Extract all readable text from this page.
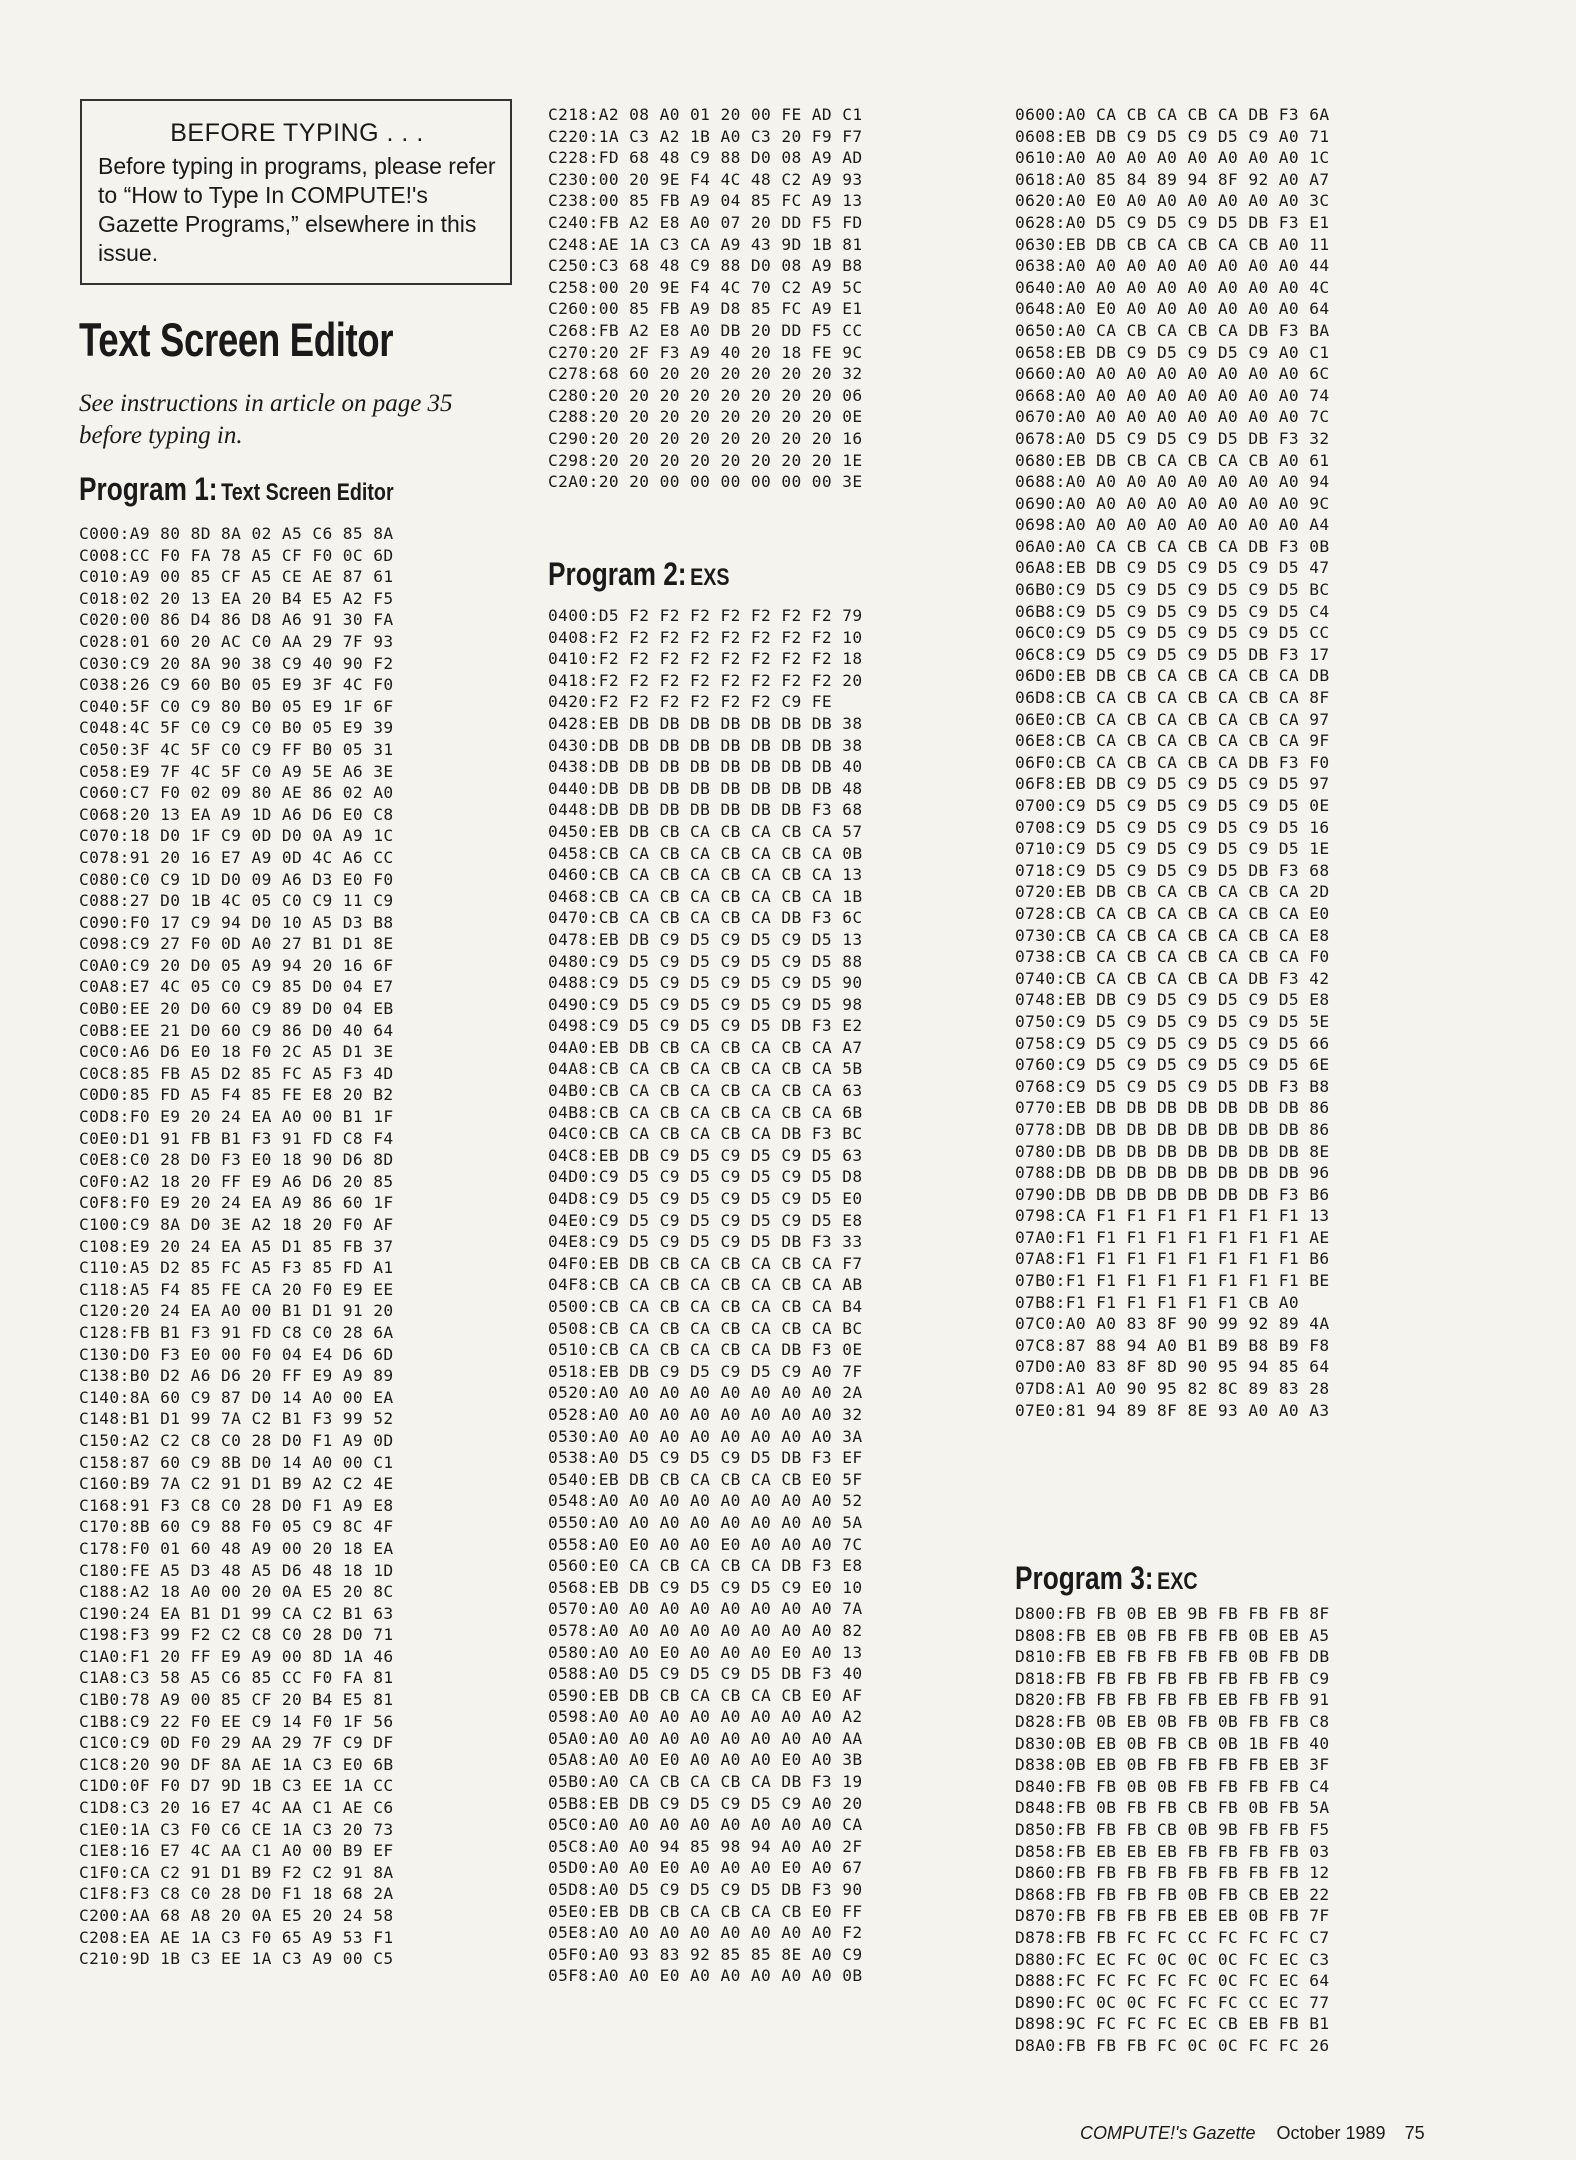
BEFORE TYPING . . .
Before typing in programs, please refer to “How to Type In COMPUTE!'s Gazette Programs,” elsewhere in this issue.
Text Screen Editor
See instructions in article on page 35 before typing in.
Program 1: Text Screen Editor
C000:A9 80 8D 8A 02 A5 C6 85 8A
C008:CC F0 FA 78 A5 CF F0 0C 6D
C010:A9 00 85 CF A5 CE AE 87 61
C018:02 20 13 EA 20 B4 E5 A2 F5
C020:00 86 D4 86 D8 A6 91 30 FA
C028:01 60 20 AC C0 AA 29 7F 93
C030:C9 20 8A 90 38 C9 40 90 F2
C038:26 C9 60 B0 05 E9 3F 4C F0
C040:5F C0 C9 80 B0 05 E9 1F 6F
C048:4C 5F C0 C9 C0 B0 05 E9 39
C050:3F 4C 5F C0 C9 FF B0 05 31
C058:E9 7F 4C 5F C0 A9 5E A6 3E
C060:C7 F0 02 09 80 AE 86 02 A0
C068:20 13 EA A9 1D A6 D6 E0 C8
C070:18 D0 1F C9 0D D0 0A A9 1C
C078:91 20 16 E7 A9 0D 4C A6 CC
C080:C0 C9 1D D0 09 A6 D3 E0 F0
C088:27 D0 1B 4C 05 C0 C9 11 C9
C090:F0 17 C9 94 D0 10 A5 D3 B8
C098:C9 27 F0 0D A0 27 B1 D1 8E
C0A0:C9 20 D0 05 A9 94 20 16 6F
C0A8:E7 4C 05 C0 C9 85 D0 04 E7
C0B0:EE 20 D0 60 C9 89 D0 04 EB
C0B8:EE 21 D0 60 C9 86 D0 40 64
C0C0:A6 D6 E0 18 F0 2C A5 D1 3E
C0C8:85 FB A5 D2 85 FC A5 F3 4D
C0D0:85 FD A5 F4 85 FE E8 20 B2
C0D8:F0 E9 20 24 EA A0 00 B1 1F
C0E0:D1 91 FB B1 F3 91 FD C8 F4
C0E8:C0 28 D0 F3 E0 18 90 D6 8D
C0F0:A2 18 20 FF E9 A6 D6 20 85
C0F8:F0 E9 20 24 EA A9 86 60 1F
C100:C9 8A D0 3E A2 18 20 F0 AF
C108:E9 20 24 EA A5 D1 85 FB 37
C110:A5 D2 85 FC A5 F3 85 FD A1
C118:A5 F4 85 FE CA 20 F0 E9 EE
C120:20 24 EA A0 00 B1 D1 91 20
C128:FB B1 F3 91 FD C8 C0 28 6A
C130:D0 F3 E0 00 F0 04 E4 D6 6D
C138:B0 D2 A6 D6 20 FF E9 A9 89
C140:8A 60 C9 87 D0 14 A0 00 EA
C148:B1 D1 99 7A C2 B1 F3 99 52
C150:A2 C2 C8 C0 28 D0 F1 A9 0D
C158:87 60 C9 8B D0 14 A0 00 C1
C160:B9 7A C2 91 D1 B9 A2 C2 4E
C168:91 F3 C8 C0 28 D0 F1 A9 E8
C170:8B 60 C9 88 F0 05 C9 8C 4F
C178:F0 01 60 48 A9 00 20 18 EA
C180:FE A5 D3 48 A5 D6 48 18 1D
C188:A2 18 A0 00 20 0A E5 20 8C
C190:24 EA B1 D1 99 CA C2 B1 63
C198:F3 99 F2 C2 C8 C0 28 D0 71
C1A0:F1 20 FF E9 A9 00 8D 1A 46
C1A8:C3 58 A5 C6 85 CC F0 FA 81
C1B0:78 A9 00 85 CF 20 B4 E5 81
C1B8:C9 22 F0 EE C9 14 F0 1F 56
C1C0:C9 0D F0 29 AA 29 7F C9 DF
C1C8:20 90 DF 8A AE 1A C3 E0 6B
C1D0:0F F0 D7 9D 1B C3 EE 1A CC
C1D8:C3 20 16 E7 4C AA C1 AE C6
C1E0:1A C3 F0 C6 CE 1A C3 20 73
C1E8:16 E7 4C AA C1 A0 00 B9 EF
C1F0:CA C2 91 D1 B9 F2 C2 91 8A
C1F8:F3 C8 C0 28 D0 F1 18 68 2A
C200:AA 68 A8 20 0A E5 20 24 58
C208:EA AE 1A C3 F0 65 A9 53 F1
C210:9D 1B C3 EE 1A C3 A9 00 C5
C218:A2 08 A0 01 20 00 FE AD C1
C220:1A C3 A2 1B A0 C3 20 F9 F7
C228:FD 68 48 C9 88 D0 08 A9 AD
C230:00 20 9E F4 4C 48 C2 A9 93
C238:00 85 FB A9 04 85 FC A9 13
C240:FB A2 E8 A0 07 20 DD F5 FD
C248:AE 1A C3 CA A9 43 9D 1B 81
C250:C3 68 48 C9 88 D0 08 A9 B8
C258:00 20 9E F4 4C 70 C2 A9 5C
C260:00 85 FB A9 D8 85 FC A9 E1
C268:FB A2 E8 A0 DB 20 DD F5 CC
C270:20 2F F3 A9 40 20 18 FE 9C
C278:68 60 20 20 20 20 20 20 32
C280:20 20 20 20 20 20 20 20 06
C288:20 20 20 20 20 20 20 20 0E
C290:20 20 20 20 20 20 20 20 16
C298:20 20 20 20 20 20 20 20 1E
C2A0:20 20 00 00 00 00 00 00 3E
Program 2: EXS
0400:D5 F2 F2 F2 F2 F2 F2 F2 79
0408:F2 F2 F2 F2 F2 F2 F2 F2 10
0410:F2 F2 F2 F2 F2 F2 F2 F2 18
0418:F2 F2 F2 F2 F2 F2 F2 F2 20
0420:F2 F2 F2 F2 F2 F2 C9 FE
0428:EB DB DB DB DB DB DB DB 38
0430:DB DB DB DB DB DB DB DB 38
0438:DB DB DB DB DB DB DB DB 40
0440:DB DB DB DB DB DB DB DB 48
0448:DB DB DB DB DB DB DB F3 68
0450:EB DB CB CA CB CA CB CA 57
0458:CB CA CB CA CB CA CB CA 0B
0460:CB CA CB CA CB CA CB CA 13
0468:CB CA CB CA CB CA CB CA 1B
0470:CB CA CB CA CB CA DB F3 6C
0478:EB DB C9 D5 C9 D5 C9 D5 13
0480:C9 D5 C9 D5 C9 D5 C9 D5 88
0488:C9 D5 C9 D5 C9 D5 C9 D5 90
0490:C9 D5 C9 D5 C9 D5 C9 D5 98
0498:C9 D5 C9 D5 C9 D5 DB F3 E2
04A0:EB DB CB CA CB CA CB CA A7
04A8:CB CA CB CA CB CA CB CA 5B
04B0:CB CA CB CA CB CA CB CA 63
04B8:CB CA CB CA CB CA CB CA 6B
04C0:CB CA CB CA CB CA DB F3 BC
04C8:EB DB C9 D5 C9 D5 C9 D5 63
04D0:C9 D5 C9 D5 C9 D5 C9 D5 D8
04D8:C9 D5 C9 D5 C9 D5 C9 D5 E0
04E0:C9 D5 C9 D5 C9 D5 C9 D5 E8
04E8:C9 D5 C9 D5 C9 D5 DB F3 33
04F0:EB DB CB CA CB CA CB CA F7
04F8:CB CA CB CA CB CA CB CA AB
0500:CB CA CB CA CB CA CB CA B4
0508:CB CA CB CA CB CA CB CA BC
0510:CB CA CB CA CB CA DB F3 0E
0518:EB DB C9 D5 C9 D5 C9 A0 7F
0520:A0 A0 A0 A0 A0 A0 A0 A0 2A
0528:A0 A0 A0 A0 A0 A0 A0 A0 32
0530:A0 A0 A0 A0 A0 A0 A0 A0 3A
0538:A0 D5 C9 D5 C9 D5 DB F3 EF
0540:EB DB CB CA CB CA CB E0 5F
0548:A0 A0 A0 A0 A0 A0 A0 A0 52
0550:A0 A0 A0 A0 A0 A0 A0 A0 5A
0558:A0 E0 A0 A0 E0 A0 A0 A0 7C
0560:E0 CA CB CA CB CA DB F3 E8
0568:EB DB C9 D5 C9 D5 C9 E0 10
0570:A0 A0 A0 A0 A0 A0 A0 A0 7A
0578:A0 A0 A0 A0 A0 A0 A0 A0 82
0580:A0 A0 E0 A0 A0 A0 E0 A0 13
0588:A0 D5 C9 D5 C9 D5 DB F3 40
0590:EB DB CB CA CB CA CB E0 AF
0598:A0 A0 A0 A0 A0 A0 A0 A0 A2
05A0:A0 A0 A0 A0 A0 A0 A0 A0 AA
05A8:A0 A0 E0 A0 A0 A0 E0 A0 3B
05B0:A0 CA CB CA CB CA DB F3 19
05B8:EB DB C9 D5 C9 D5 C9 A0 20
05C0:A0 A0 A0 A0 A0 A0 A0 A0 CA
05C8:A0 A0 94 85 98 94 A0 A0 2F
05D0:A0 A0 E0 A0 A0 A0 E0 A0 67
05D8:A0 D5 C9 D5 C9 D5 DB F3 90
05E0:EB DB CB CA CB CA CB E0 FF
05E8:A0 A0 A0 A0 A0 A0 A0 A0 F2
05F0:A0 93 83 92 85 85 8E A0 C9
05F8:A0 A0 E0 A0 A0 A0 A0 A0 0B
0600:A0 CA CB CA CB CA DB F3 6A
0608:EB DB C9 D5 C9 D5 C9 A0 71
0610:A0 A0 A0 A0 A0 A0 A0 A0 1C
0618:A0 85 84 89 94 8F 92 A0 A7
0620:A0 E0 A0 A0 A0 A0 A0 A0 3C
0628:A0 D5 C9 D5 C9 D5 DB F3 E1
0630:EB DB CB CA CB CA CB A0 11
0638:A0 A0 A0 A0 A0 A0 A0 A0 44
0640:A0 A0 A0 A0 A0 A0 A0 A0 4C
0648:A0 E0 A0 A0 A0 A0 A0 A0 64
0650:A0 CA CB CA CB CA DB F3 BA
0658:EB DB C9 D5 C9 D5 C9 A0 C1
0660:A0 A0 A0 A0 A0 A0 A0 A0 6C
0668:A0 A0 A0 A0 A0 A0 A0 A0 74
0670:A0 A0 A0 A0 A0 A0 A0 A0 7C
0678:A0 D5 C9 D5 C9 D5 DB F3 32
0680:EB DB CB CA CB CA CB A0 61
0688:A0 A0 A0 A0 A0 A0 A0 A0 94
0690:A0 A0 A0 A0 A0 A0 A0 A0 9C
0698:A0 A0 A0 A0 A0 A0 A0 A0 A4
06A0:A0 CA CB CA CB CA DB F3 0B
06A8:EB DB C9 D5 C9 D5 C9 D5 47
06B0:C9 D5 C9 D5 C9 D5 C9 D5 BC
06B8:C9 D5 C9 D5 C9 D5 C9 D5 C4
06C0:C9 D5 C9 D5 C9 D5 C9 D5 CC
06C8:C9 D5 C9 D5 C9 D5 DB F3 17
06D0:EB DB CB CA CB CA CB CA DB
06D8:CB CA CB CA CB CA CB CA 8F
06E0:CB CA CB CA CB CA CB CA 97
06E8:CB CA CB CA CB CA CB CA 9F
06F0:CB CA CB CA CB CA DB F3 F0
06F8:EB DB C9 D5 C9 D5 C9 D5 97
0700:C9 D5 C9 D5 C9 D5 C9 D5 0E
0708:C9 D5 C9 D5 C9 D5 C9 D5 16
0710:C9 D5 C9 D5 C9 D5 C9 D5 1E
0718:C9 D5 C9 D5 C9 D5 DB F3 68
0720:EB DB CB CA CB CA CB CA 2D
0728:CB CA CB CA CB CA CB CA E0
0730:CB CA CB CA CB CA CB CA E8
0738:CB CA CB CA CB CA CB CA F0
0740:CB CA CB CA CB CA DB F3 42
0748:EB DB C9 D5 C9 D5 C9 D5 E8
0750:C9 D5 C9 D5 C9 D5 C9 D5 5E
0758:C9 D5 C9 D5 C9 D5 C9 D5 66
0760:C9 D5 C9 D5 C9 D5 C9 D5 6E
0768:C9 D5 C9 D5 C9 D5 DB F3 B8
0770:EB DB DB DB DB DB DB DB 86
0778:DB DB DB DB DB DB DB DB 86
0780:DB DB DB DB DB DB DB DB 8E
0788:DB DB DB DB DB DB DB DB 96
0790:DB DB DB DB DB DB DB F3 B6
0798:CA F1 F1 F1 F1 F1 F1 F1 13
07A0:F1 F1 F1 F1 F1 F1 F1 F1 AE
07A8:F1 F1 F1 F1 F1 F1 F1 F1 B6
07B0:F1 F1 F1 F1 F1 F1 F1 F1 BE
07B8:F1 F1 F1 F1 F1 F1 CB A0
07C0:A0 A0 83 8F 90 99 92 89 4A
07C8:87 88 94 A0 B1 B9 B8 B9 F8
07D0:A0 83 8F 8D 90 95 94 85 64
07D8:A1 A0 90 95 82 8C 89 83 28
07E0:81 94 89 8F 8E 93 A0 A0 A3
Program 3: EXC
D800:FB FB 0B EB 9B FB FB FB 8F
D808:FB EB 0B FB FB FB 0B EB A5
D810:FB EB FB FB FB FB 0B FB DB
D818:FB FB FB FB FB FB FB FB C9
D820:FB FB FB FB FB EB FB FB 91
D828:FB 0B EB 0B FB 0B FB FB C8
D830:0B EB 0B FB CB 0B 1B FB 40
D838:0B EB 0B FB FB FB FB EB 3F
D840:FB FB 0B 0B FB FB FB FB C4
D848:FB 0B FB FB CB FB 0B FB 5A
D850:FB FB FB CB 0B 9B FB FB F5
D858:FB EB EB EB FB FB FB FB 03
D860:FB FB FB FB FB FB FB FB 12
D868:FB FB FB FB 0B FB CB EB 22
D870:FB FB FB FB EB EB 0B FB 7F
D878:FB FB FC FC CC FC FC FC C7
D880:FC EC FC 0C 0C 0C FC EC C3
D888:FC FC FC FC FC 0C FC EC 64
D890:FC 0C 0C FC FC FC CC EC 77
D898:9C FC FC FC EC CB EB FB B1
D8A0:FB FB FB FC 0C 0C FC FC 26
COMPUTE!'s Gazette October 1989 75
